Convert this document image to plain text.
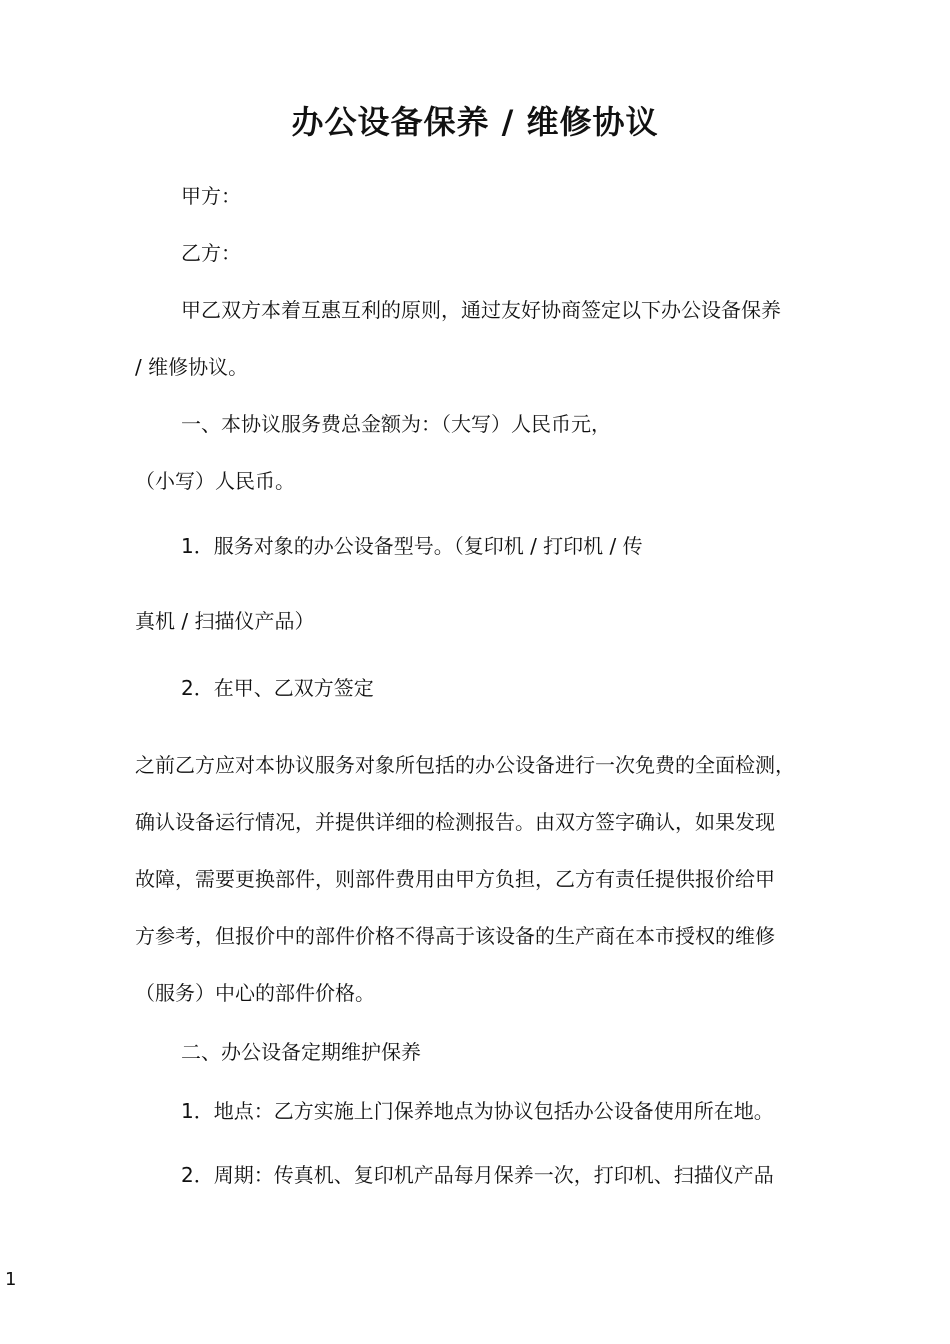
办公设备保养 / 维修协议
甲方：
乙方：
甲乙双方本着互惠互利的原则，通过友好协商签定以下办公设备保养
/ 维修协议。
一、本协议服务费总金额为：（大写）人民币元，
（小写）人民币。
1．服务对象的办公设备型号。（复印机 / 打印机 / 传
真机 / 扫描仪产品）
2．在甲、乙双方签定
之前乙方应对本协议服务对象所包括的办公设备进行一次免费的全面检测，
确认设备运行情况，并提供详细的检测报告。由双方签字确认，如果发现
故障，需要更换部件，则部件费用由甲方负担，乙方有责任提供报价给甲
方参考，但报价中的部件价格不得高于该设备的生产商在本市授权的维修
（服务）中心的部件价格。
二、办公设备定期维护保养
1．地点：乙方实施上门保养地点为协议包括办公设备使用所在地。
2．周期：传真机、复印机产品每月保养一次，打印机、扫描仪产品
1
